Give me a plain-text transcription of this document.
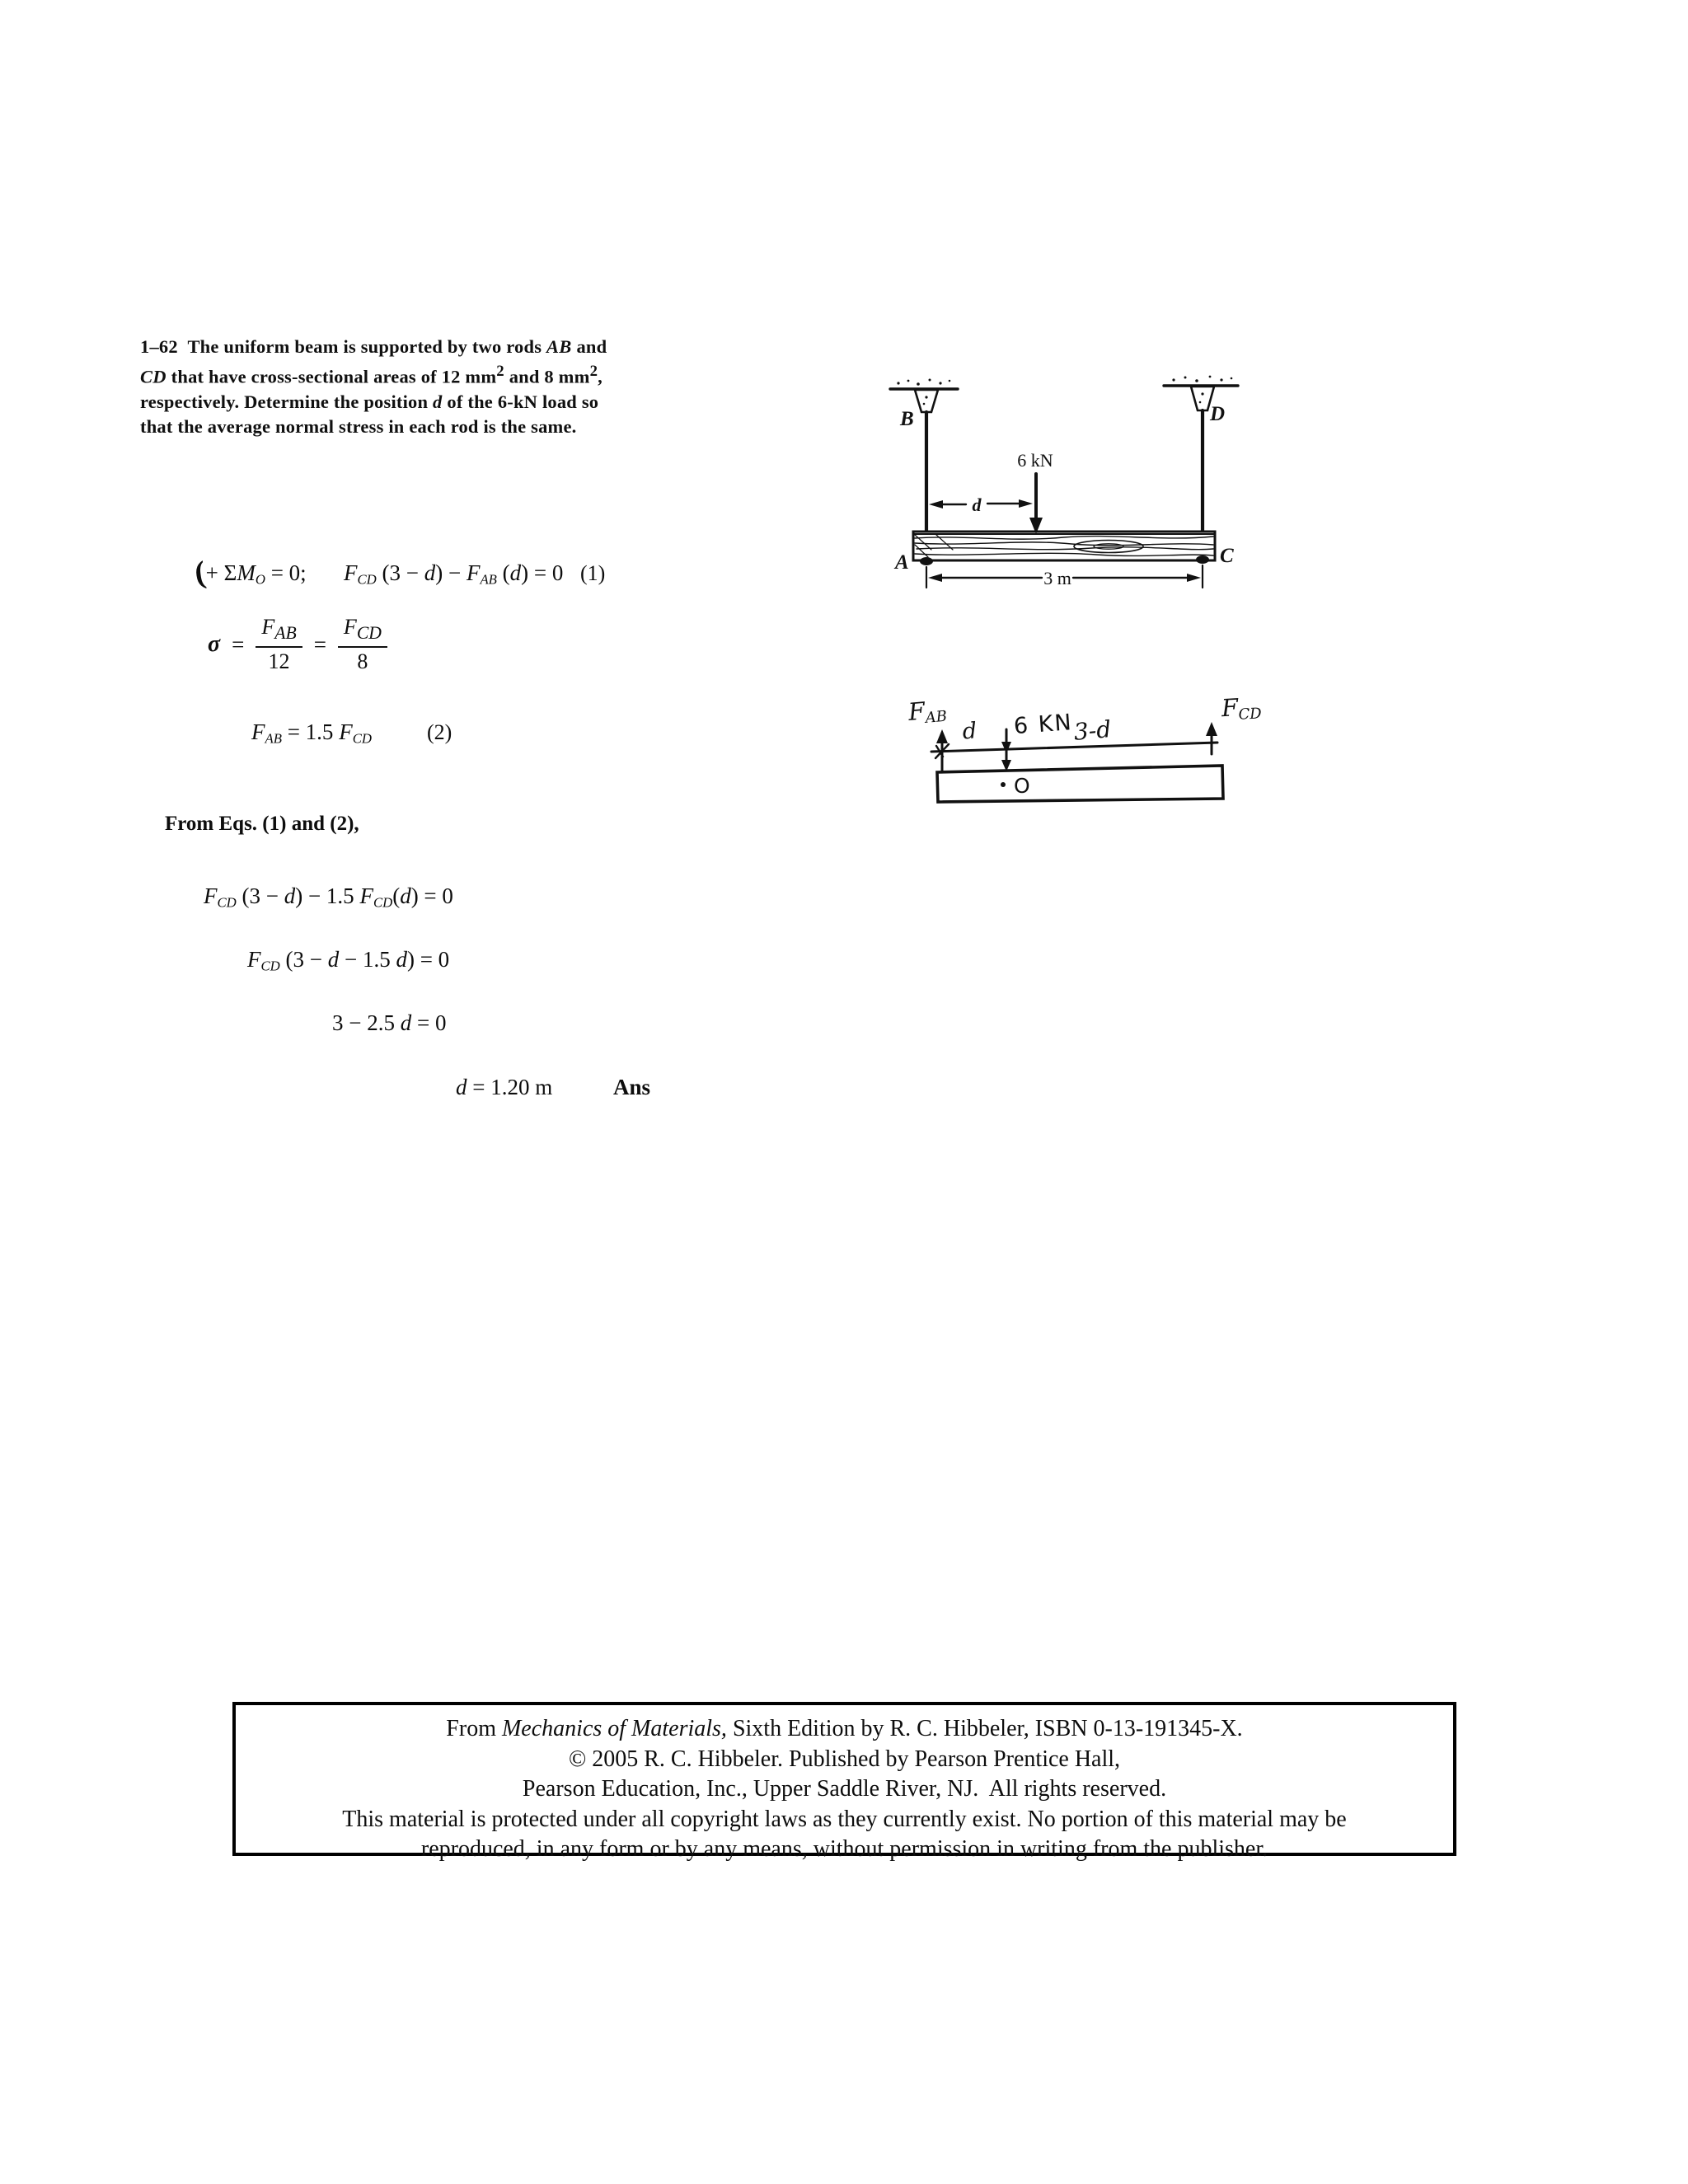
1–62  The uniform beam is supported by two rods AB and
CD that have cross-sectional areas of 12 $mm^2$ and 8 $mm^2$,
respectively. Determine the position d of the 6-kN load so
that the average normal stress in each rod is the same.
(+ $\Sigma M_O = 0$; $F_{CD}$ $(3 - d) - F_{AB}$ (d) = 0 (1)
$\sigma = \frac{F_{AB}}{12} = \frac{F_{CD}}{8}$
$F_{AB} = 1.5$ $F_{CD}$	(2)
From Eqs. (1) and (2),
$F_{CD}$ (3 − d) − 1.5 $F_{CD}(d) = 0$
$F_{CD}$ (3 − d − 1.5 d) = 0
3 − 2.5 d = 0
d = 1.20 m	Ans
B	D
A	C
6 kN
d
3 m
O
d 6 KN
3-d
$F_{AB}$	$F_{CD}$
From Mechanics of Materials, Sixth Edition by R. C. Hibbeler, ISBN 0-13-191345-X.
© 2005 R. C. Hibbeler. Published by Pearson Prentice Hall,
Pearson Education, Inc., Upper Saddle River, NJ.  All rights reserved.
This material is protected under all copyright laws as they currently exist. No portion of this material may be
reproduced, in any form or by any means, without permission in writing from the publisher.
